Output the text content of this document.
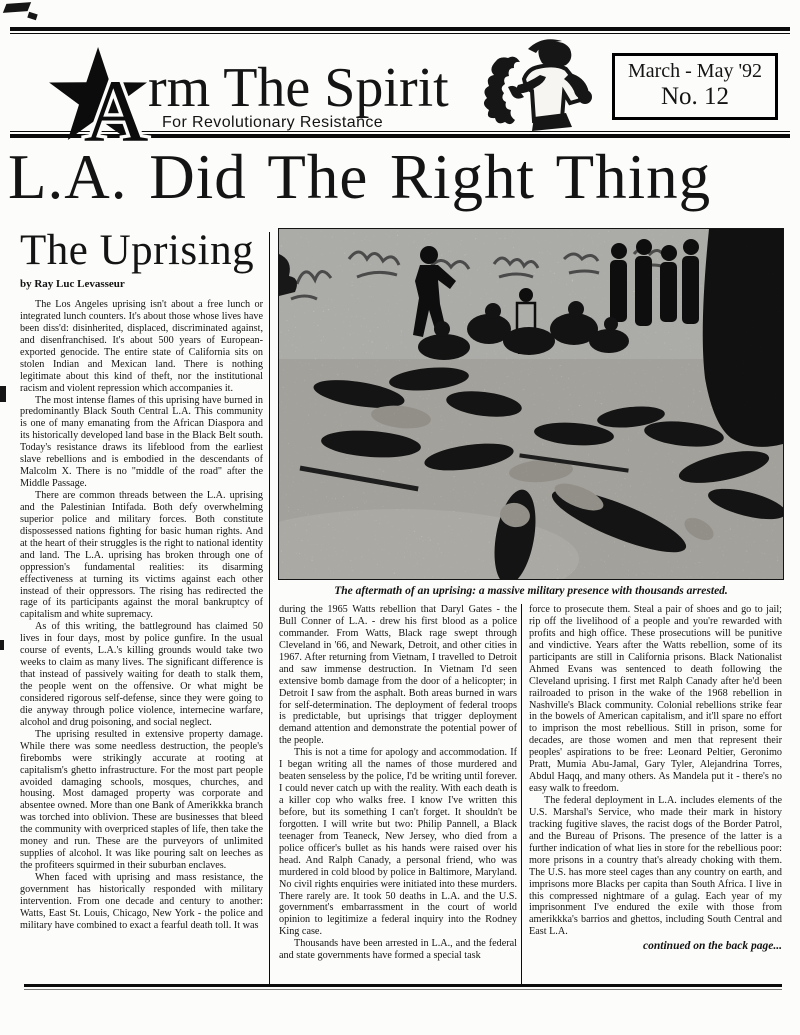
A rm The Spirit
For Revolutionary Resistance
March - May '92
No. 12
L.A. Did The Right Thing
The Uprising
by Ray Luc Levasseur

The Los Angeles uprising isn't about a free lunch or integrated lunch counters. It's about those whose lives have been diss'd: disinherited, displaced, discriminated against, and disenfranchised. It's about 500 years of European-exported genocide. The entire state of California sits on stolen Indian and Mexican land. There is nothing legitimate about this kind of theft, nor the institutional racism and violent repression which accompanies it.

The most intense flames of this uprising have burned in predominantly Black South Central L.A. This community is one of many emanating from the African Diaspora and its historically developed land base in the Black Belt south. Today's resistance draws its lifeblood from the earliest slave rebellions and is embodied in the descendants of Malcolm X. There is no "middle of the road" after the Middle Passage.

There are common threads between the L.A. uprising and the Palestinian Intifada. Both defy overwhelming superior police and military forces. Both constitute dispossessed nations fighting for basic human rights. And at the heart of their struggles is the right to national identity and land. The L.A. uprising has broken through one of oppression's fundamental realities: its disarming effectiveness at turning its victims against each other instead of their oppressors. The rising has redirected the rage of its participants against the moral bankruptcy of capitalism and white supremacy.

As of this writing, the battleground has claimed 50 lives in four days, most by police gunfire. In the usual course of events, L.A.'s killing grounds would take two weeks to claim as many lives. The significant difference is that instead of passively waiting for death to stalk them, the people went on the offensive. Or what might be considered rigorous self-defense, since they were going to die anyway through police violence, internecine warfare, alcohol and drug poisoning, and social neglect.

The uprising resulted in extensive property damage. While there was some needless destruction, the people's firebombs were strikingly accurate at rooting at capitalism's ghetto infrastructure. For the most part people avoided damaging schools, mosques, churches, and housing. Most damaged property was corporate and absentee owned. More than one Bank of Amerikkka branch was torched into oblivion. These are businesses that bleed the community with overpriced staples of life, then take the money and run. These are the purveyors of unlimited supplies of alcohol. It was like pouring salt on leeches as the profiteers squirmed in their suburban enclaves.

When faced with uprising and mass resistance, the government has historically responded with military intervention. From one decade and century to another: Watts, East St. Louis, Chicago, New York - the police and military have combined to exact a fearful death toll. It was

The aftermath of an uprising: a massive military presence with thousands arrested.

during the 1965 Watts rebellion that Daryl Gates - the Bull Conner of L.A. - drew his first blood as a police commander. From Watts, Black rage swept through Cleveland in '66, and Newark, Detroit, and other cities in 1967. After returning from Vietnam, I travelled to Detroit and saw immense destruction. In Vietnam I'd seen extensive bomb damage from the door of a helicopter; in Detroit I saw from the asphalt. Both areas burned in wars for self-determination. The deployment of federal troops is predictable, but uprisings that trigger deployment demand attention and demonstrate the potential power of the people.

This is not a time for apology and accommodation. If I began writing all the names of those murdered and beaten senseless by the police, I'd be writing until forever. I could never catch up with the reality. With each death is a killer cop who walks free. I know I've written this before, but its something I can't forget. It shouldn't be forgotten. I will write but two: Philip Pannell, a Black teenager from Teaneck, New Jersey, who died from a police officer's bullet as his hands were raised over his head. And Ralph Canady, a personal friend, who was murdered in cold blood by police in Baltimore, Maryland. No civil rights enquiries were initiated into these murders. There rarely are. It took 50 deaths in L.A. and the U.S. government's embarrassment in the court of world opinion to legitimize a federal inquiry into the Rodney King case.

Thousands have been arrested in L.A., and the federal and state governments have formed a special task

force to prosecute them. Steal a pair of shoes and go to jail; rip off the livelihood of a people and you're rewarded with profits and high office. These prosecutions will be punitive and vindictive. Years after the Watts rebellion, some of its participants are still in California prisons. Black Nationalist Ahmed Evans was sentenced to death following the Cleveland uprising. I first met Ralph Canady after he'd been railroaded to prison in the wake of the 1968 rebellion in Nashville's Black community. Colonial rebellions strike fear in the bowels of American capitalism, and it'll spare no effort to imprison the most rebellious. Still in prison, some for decades, are those women and men that represent their peoples' aspirations to be free: Leonard Peltier, Geronimo Pratt, Mumia Abu-Jamal, Gary Tyler, Alejandrina Torres, Abdul Haqq, and many others. As Mandela put it - there's no easy walk to freedom.

The federal deployment in L.A. includes elements of the U.S. Marshal's Service, who made their mark in history tracking fugitive slaves, the racist dogs of the Border Patrol, and the Bureau of Prisons. The presence of the latter is a further indication of what lies in store for the rebellious poor: more prisons in a country that's already choking with them. The U.S. has more steel cages than any country on earth, and imprisons more Blacks per capita than South Africa. I live in this compressed nightmare of a gulag. Each year of my imprisonment I've endured the exile with those from amerikkka's barrios and ghettos, including South Central and East L.A.

continued on the back page...
